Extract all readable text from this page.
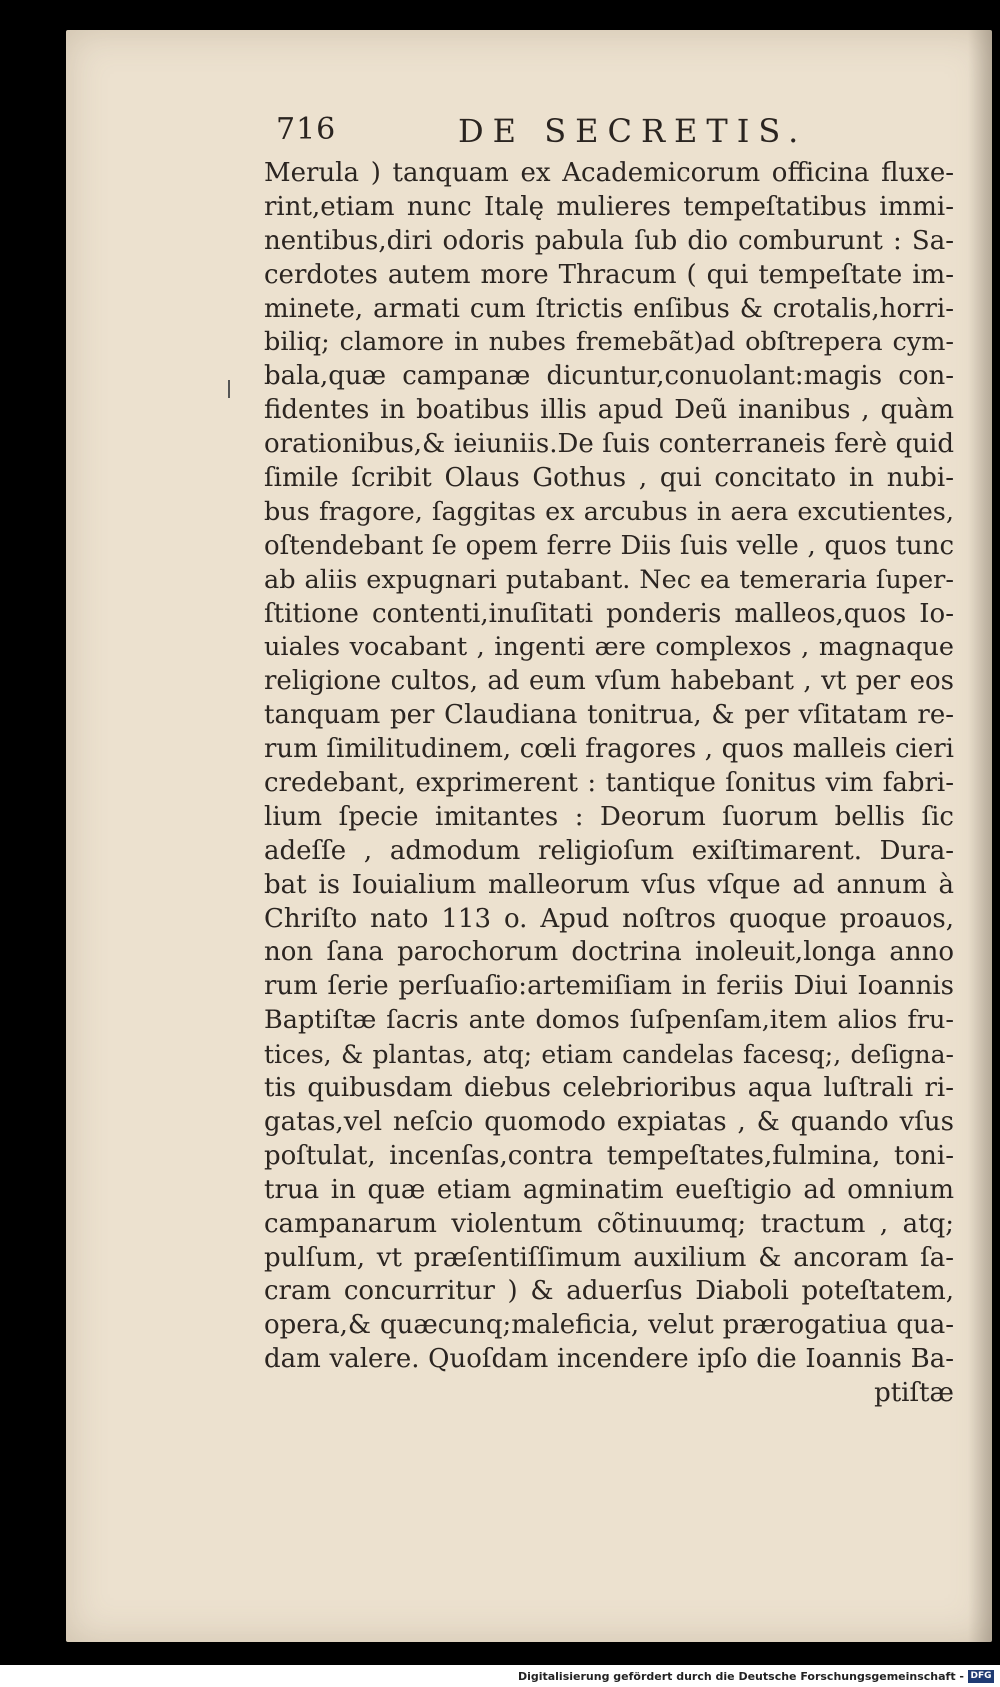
716	DE SECRETIS.
Merula ) tanquam ex Academicorum officina fluxe-
rint,etiam nunc Italę mulieres tempeſtatibus immi-
nentibus,diri odoris pabula ſub dio comburunt : Sa-
cerdotes autem more Thracum ( qui tempeſtate im-
minete, armati cum ſtrictis enſibus & crotalis,horri-
biliq; clamore in nubes fremebãt)ad obſtrepera cym-
bala,quæ campanæ dicuntur,conuolant:magis con-
fidentes in boatibus illis apud Deũ inanibus , quàm
orationibus,& ieiuniis.De ſuis conterraneis ferè quid
ſimile ſcribit Olaus Gothus , qui concitato in nubi-
bus fragore, ſaggitas ex arcubus in aera excutientes,
oſtendebant ſe opem ferre Diis ſuis velle , quos tunc
ab aliis expugnari putabant. Nec ea temeraria ſuper-
ſtitione contenti,inuſitati ponderis malleos,quos Io-
uiales vocabant , ingenti ære complexos , magnaque
religione cultos, ad eum vſum habebant , vt per eos
tanquam per Claudiana tonitrua, & per vſitatam re-
rum ſimilitudinem, cœli fragores , quos malleis cieri
credebant, exprimerent : tantique ſonitus vim fabri-
lium ſpecie imitantes : Deorum ſuorum bellis ſic
adeſſe , admodum religioſum exiſtimarent. Dura-
bat is Iouialium malleorum vſus vſque ad annum à
Chriſto nato 113 o. Apud noſtros quoque proauos,
non ſana parochorum doctrina inoleuit,longa anno
rum ſerie perſuaſio:artemiſiam in feriis Diui Ioannis
Baptiſtæ ſacris ante domos ſuſpenſam,item alios fru-
tices, & plantas, atq; etiam candelas facesq;, deſigna-
tis quibusdam diebus celebrioribus aqua luſtrali ri-
gatas,vel neſcio quomodo expiatas , & quando vſus
poſtulat, incenſas,contra tempeſtates,fulmina, toni-
trua in quæ etiam agminatim eueſtigio ad omnium
campanarum violentum cõtinuumq; tractum , atq;
pulſum, vt præſentiſſimum auxilium & ancoram ſa-
cram concurritur ) & aduerſus Diaboli poteſtatem,
opera,& quæcunq;maleficia, velut prærogatiua qua-
dam valere. Quoſdam incendere ipſo die Ioannis Ba-
ptiſtæ
Digitalisierung gefördert durch die Deutsche Forschungsgemeinschaft - DFG
